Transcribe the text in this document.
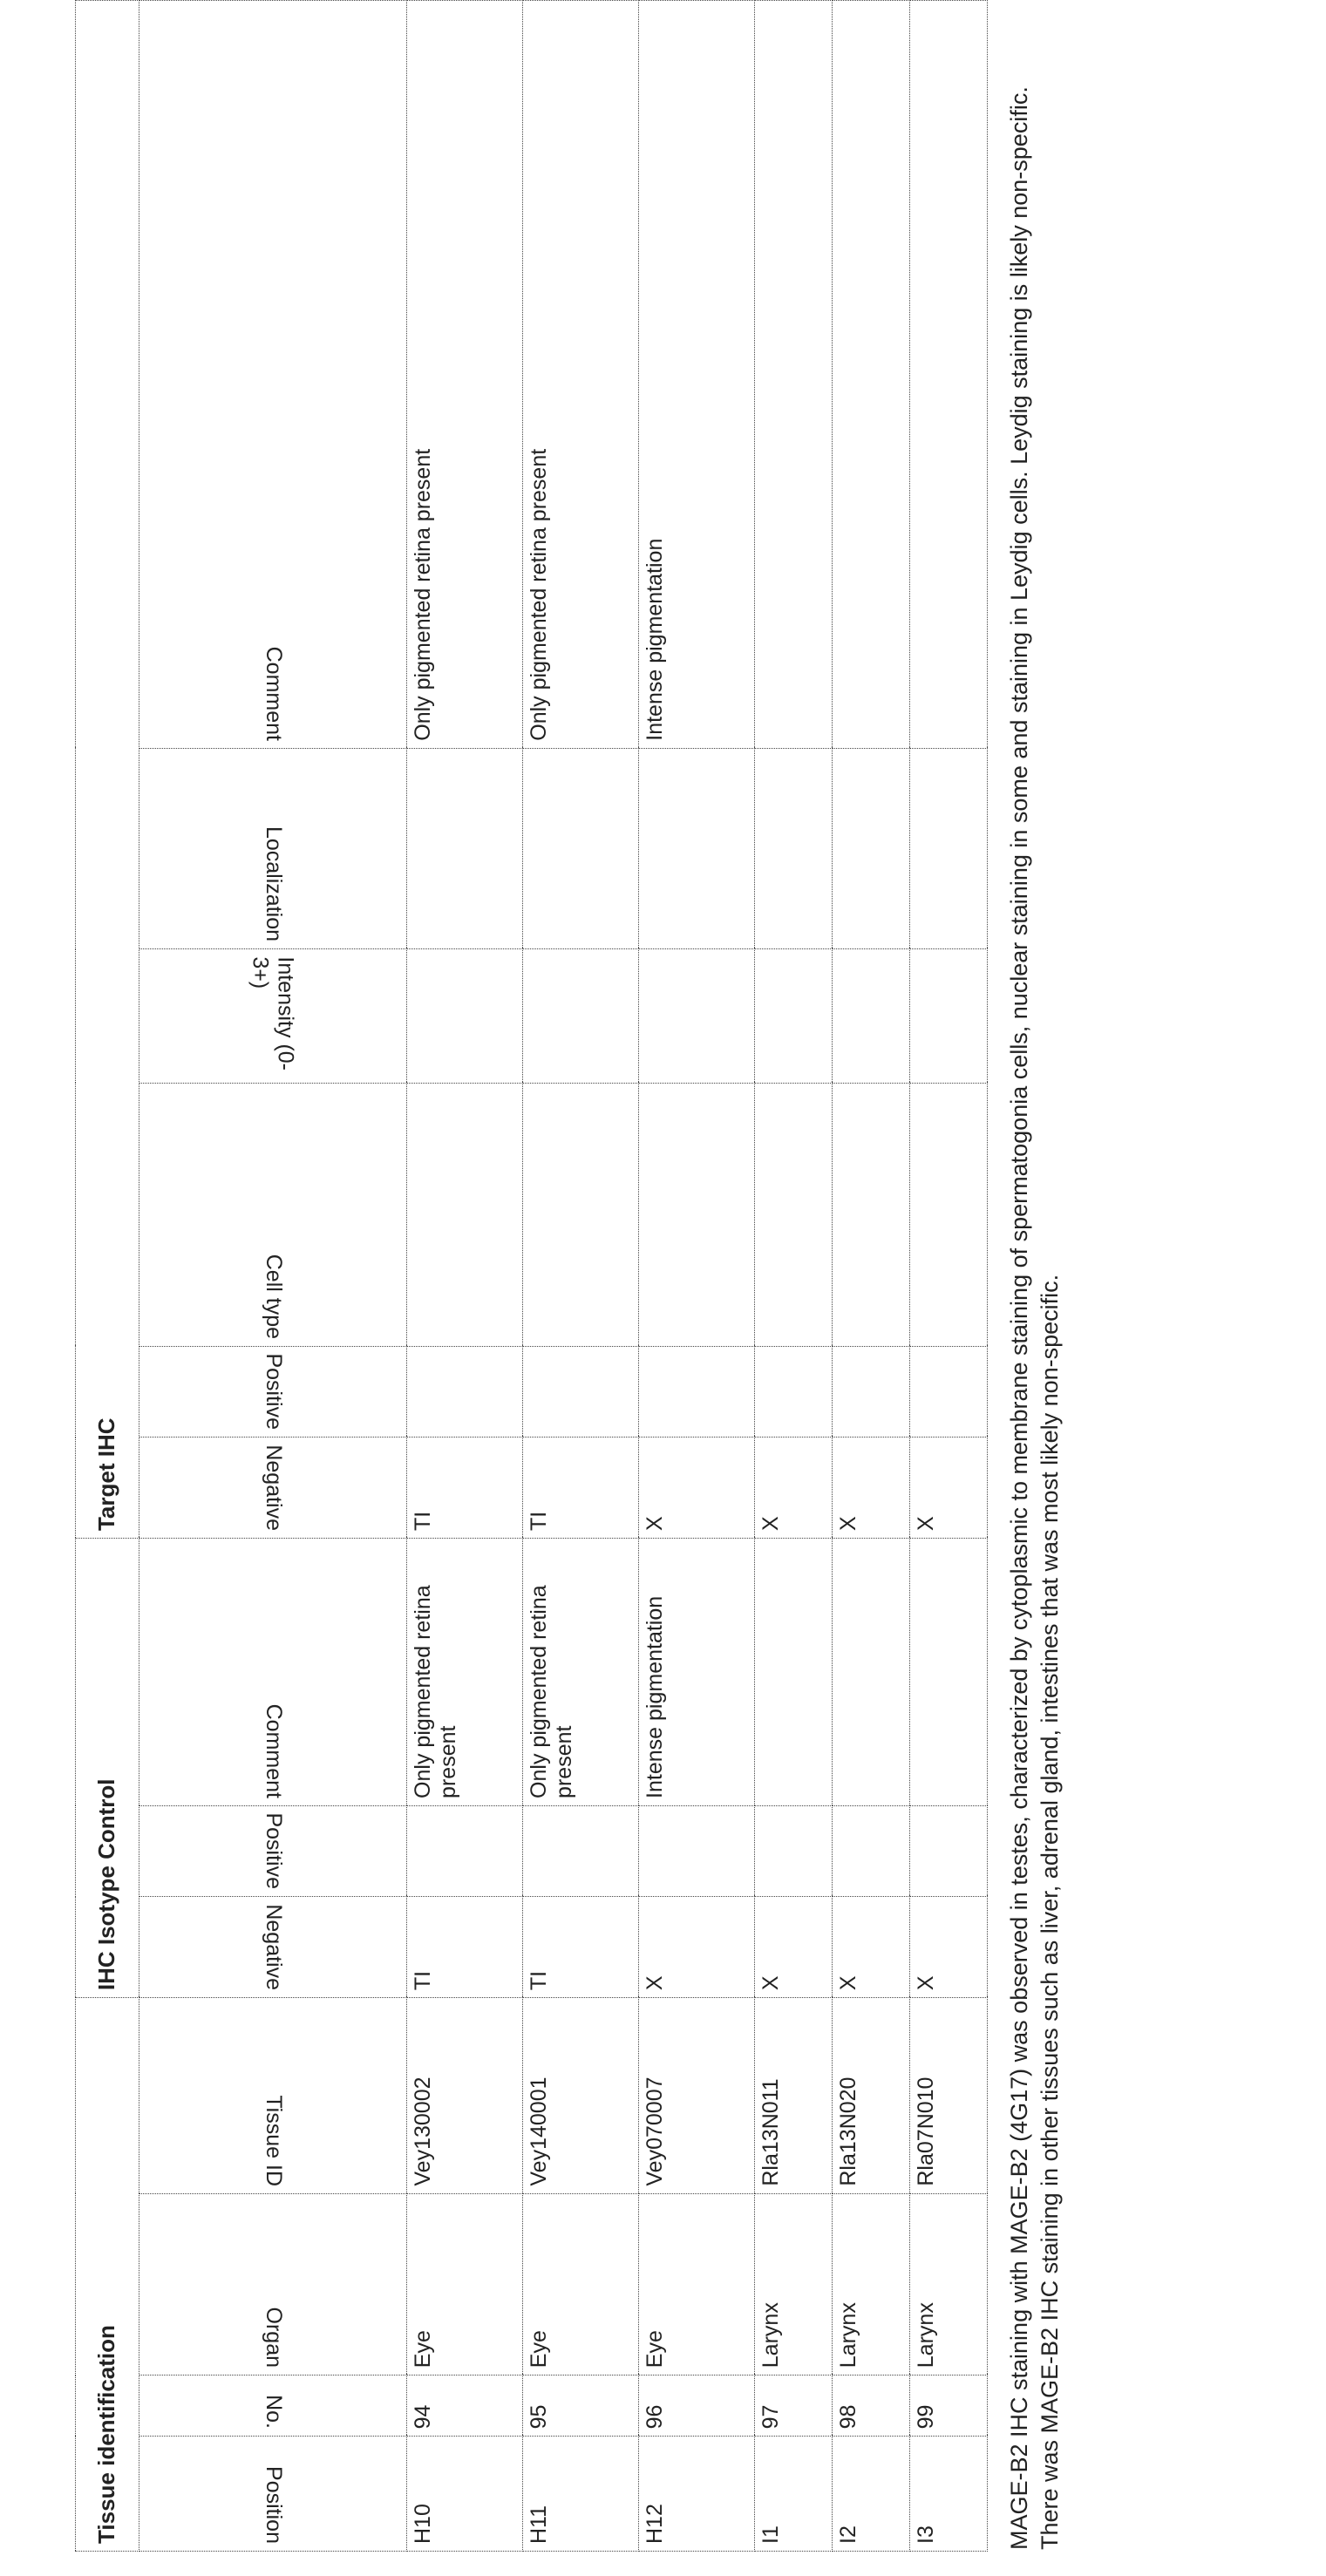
Tissue identification	IHC Isotype Control	Target IHC
Position	No.	Organ	Tissue ID	Negative	Positive	Comment	Negative	Positive	Cell type	Intensity (0-3+)	Localization	Comment
H10	94	Eye	Vey130002	TI		Only pigmented retina present	TI					Only pigmented retina present
H11	95	Eye	Vey140001	TI		Only pigmented retina present	TI					Only pigmented retina present
H12	96	Eye	Vey070007	X		Intense pigmentation	X					Intense pigmentation
I1	97	Larynx	Rla13N011	X			X					
I2	98	Larynx	Rla13N020	X			X					
I3	99	Larynx	Rla07N010	X			X						MAGE-B2 IHC staining with MAGE-B2 (4G17) was observed in testes, characterized by cytoplasmic to membrane staining of spermatogonia cells, nuclear staining in some and staining in Leydig cells. Leydig staining is likely non-specific. There was MAGE-B2 IHC staining in other tissues such as liver, adrenal gland, intestines that was most likely non-specific.
